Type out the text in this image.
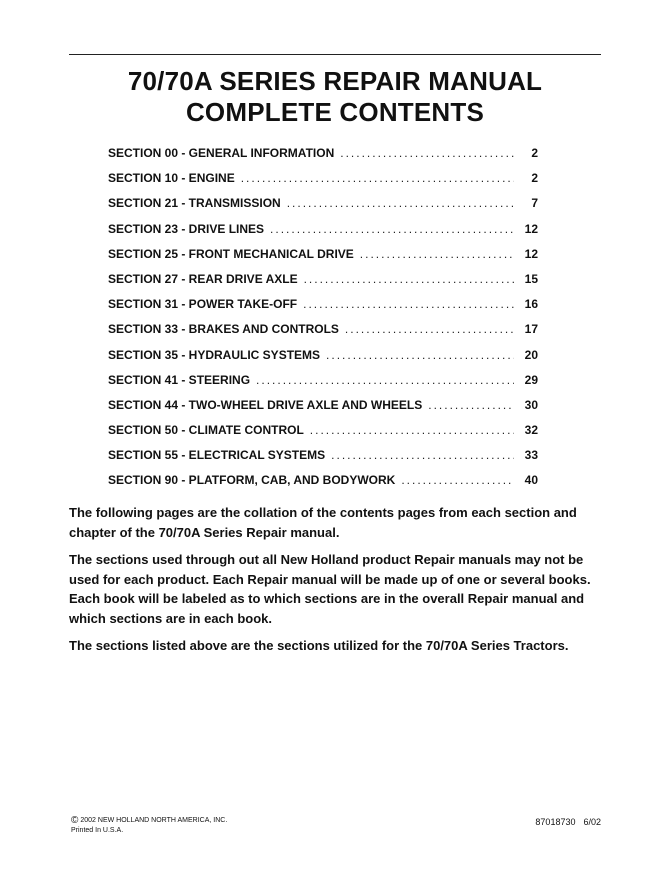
70/70A SERIES REPAIR MANUAL
COMPLETE CONTENTS
SECTION 00 - GENERAL INFORMATION .....	2
SECTION 10 - ENGINE .....	2
SECTION 21 - TRANSMISSION .....	7
SECTION 23 - DRIVE LINES .....	12
SECTION 25 - FRONT MECHANICAL DRIVE .....	12
SECTION 27 - REAR DRIVE AXLE .....	15
SECTION 31 - POWER TAKE-OFF .....	16
SECTION 33 - BRAKES AND CONTROLS .....	17
SECTION 35 - HYDRAULIC SYSTEMS .....	20
SECTION 41 - STEERING .....	29
SECTION 44 - TWO-WHEEL DRIVE AXLE AND WHEELS .....	30
SECTION 50 - CLIMATE CONTROL .....	32
SECTION 55 - ELECTRICAL SYSTEMS .....	33
SECTION 90 - PLATFORM, CAB, AND BODYWORK .....	40

The following pages are the collation of the contents pages from each section and chapter of the 70/70A Series Repair manual.

The sections used through out all New Holland product Repair manuals may not be used for each product. Each Repair manual will be made up of one or several books. Each book will be labeled as to which sections are in the overall Repair manual and which sections are in each book.

The sections listed above are the sections utilized for the 70/70A Series Tractors.

© 2002 NEW HOLLAND NORTH AMERICA, INC.
Printed In U.S.A.
87018730 6/02
